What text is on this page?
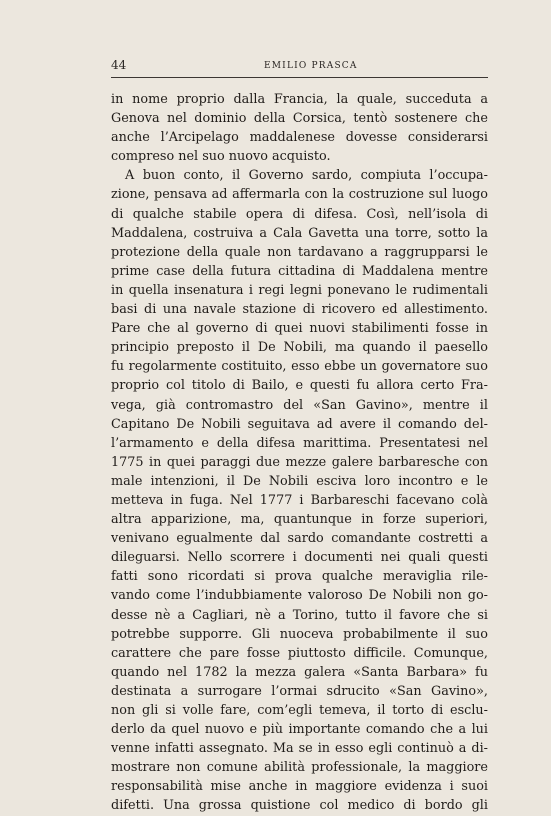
44	EMILIO PRASCA
in nome proprio dalla Francia, la quale, succeduta a
Genova nel dominio della Corsica, tentò sostenere che
anche l’Arcipelago maddalenese dovesse considerarsi
compreso nel suo nuovo acquisto.
A buon conto, il Governo sardo, compiuta l’occupa-
zione, pensava ad affermarla con la costruzione sul luogo
di qualche stabile opera di difesa. Così, nell’isola di
Maddalena, costruiva a Cala Gavetta una torre, sotto la
protezione della quale non tardavano a raggrupparsi le
prime case della futura cittadina di Maddalena mentre
in quella insenatura i regi legni ponevano le rudimentali
basi di una navale stazione di ricovero ed allestimento.
Pare che al governo di quei nuovi stabilimenti fosse in
principio preposto il De Nobili, ma quando il paesello
fu regolarmente costituito, esso ebbe un governatore suo
proprio col titolo di Bailo, e questi fu allora certo Fra-
vega, già contromastro del «San Gavino», mentre il
Capitano De Nobili seguitava ad avere il comando del-
l’armamento e della difesa marittima. Presentatesi nel
1775 in quei paraggi due mezze galere barbaresche con
male intenzioni, il De Nobili esciva loro incontro e le
metteva in fuga. Nel 1777 i Barbareschi facevano colà
altra apparizione, ma, quantunque in forze superiori,
venivano egualmente dal sardo comandante costretti a
dileguarsi. Nello scorrere i documenti nei quali questi
fatti sono ricordati si prova qualche meraviglia rile-
vando come l’indubbiamente valoroso De Nobili non go-
desse nè a Cagliari, nè a Torino, tutto il favore che si
potrebbe supporre. Gli nuoceva probabilmente il suo
carattere che pare fosse piuttosto difficile. Comunque,
quando nel 1782 la mezza galera «Santa Barbara» fu
destinata a surrogare l’ormai sdrucito «San Gavino»,
non gli si volle fare, com’egli temeva, il torto di esclu-
derlo da quel nuovo e più importante comando che a lui
venne infatti assegnato. Ma se in esso egli continuò a di-
mostrare non comune abilità professionale, la maggiore
responsabilità mise anche in maggiore evidenza i suoi
difetti. Una grossa quistione col medico di bordo gli
